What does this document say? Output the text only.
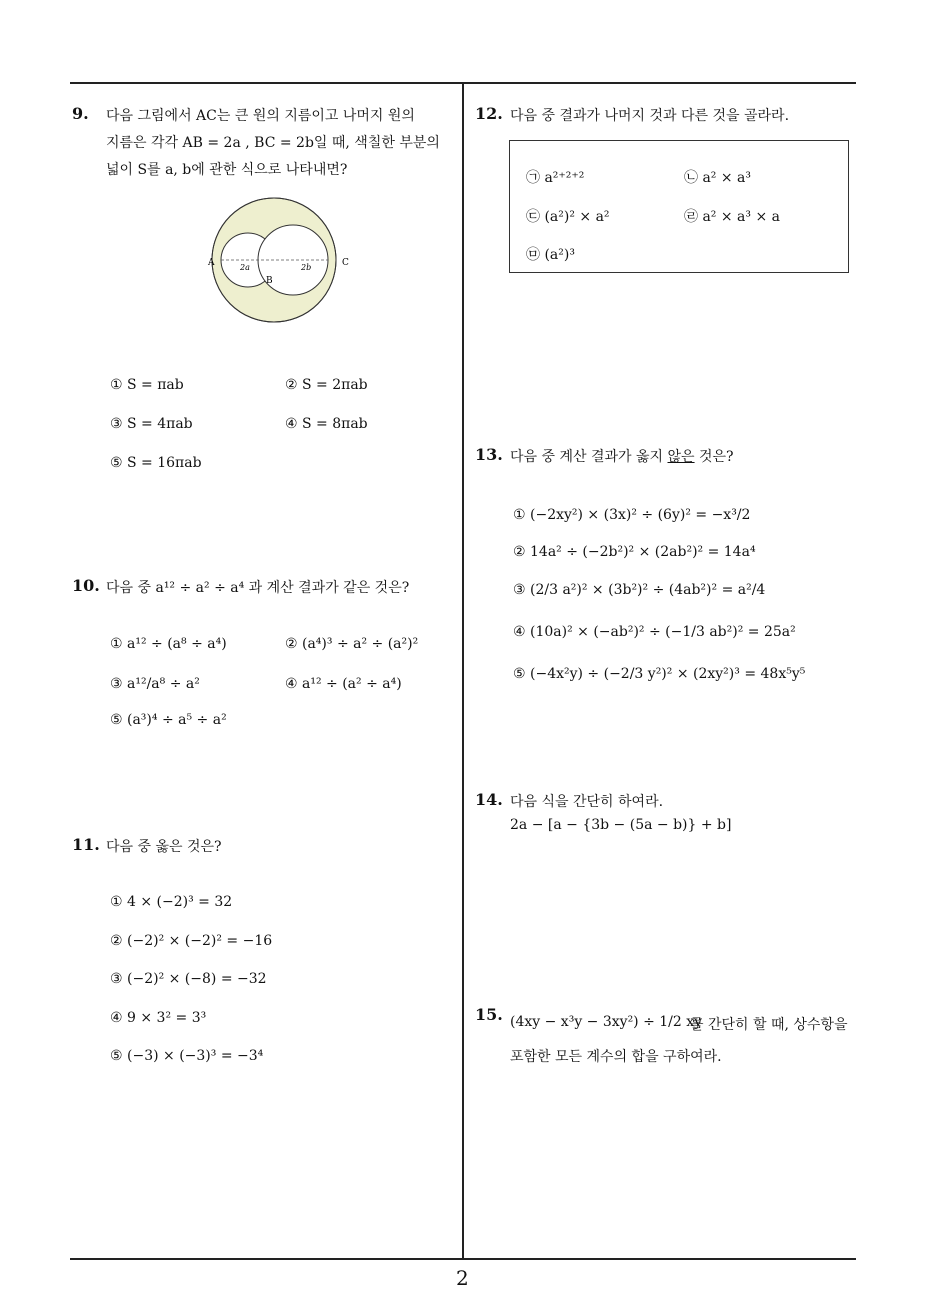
2
9. 다음 그림에서 AC는 큰 원의 지름이고 나머지 원의
지름은 각각 AB = 2a , BC = 2b일 때, 색칠한 부분의
넓이 S를 a, b에 관한 식으로 나타내면?
A
B
C
2a	2b
① S = πab	② S = 2πab
③ S = 4πab	④ S = 8πab
⑤ S = 16πab
10. 다음 중 a¹² ÷ a² ÷ a⁴ 과 계산 결과가 같은 것은?
① a¹² ÷ (a⁸ ÷ a⁴)	② (a⁴)³ ÷ a² ÷ (a²)²
③ a¹²/a⁸ ÷ a²	④ a¹² ÷ (a² ÷ a⁴)
⑤ (a³)⁴ ÷ a⁵ ÷ a²
11. 다음 중 옳은 것은?
① 4 × (−2)³ = 32
② (−2)² × (−2)² = −16
③ (−2)² × (−8) = −32
④ 9 × 3² = 3³
⑤ (−3) × (−3)³ = −3⁴
12. 다음 중 결과가 나머지 것과 다른 것을 골라라.
㉠ a²⁺²⁺²	㉡ a² × a³
㉢ (a²)² × a²	㉣ a² × a³ × a
㉤ (a²)³
13. 다음 중 계산 결과가 옳지 않은 것은?
① (−2xy²) × (3x)² ÷ (6y)² = −x³/2
② 14a² ÷ (−2b²)² × (2ab²)² = 14a⁴
③ (2/3 a²)² × (3b²)² ÷ (4ab²)² = a²/4
④ (10a)² × (−ab²)² ÷ (−1/3 ab²)² = 25a²
⑤ (−4x²y) ÷ (−2/3 y²)² × (2xy²)³ = 48x⁵y⁵
14. 다음 식을 간단히 하여라.
2a − [a − {3b − (5a − b)} + b]
15. (4xy − x³y − 3xy²) ÷ 1/2 xy
를 간단히 할 때, 상수항을
포함한 모든 계수의 합을 구하여라.
